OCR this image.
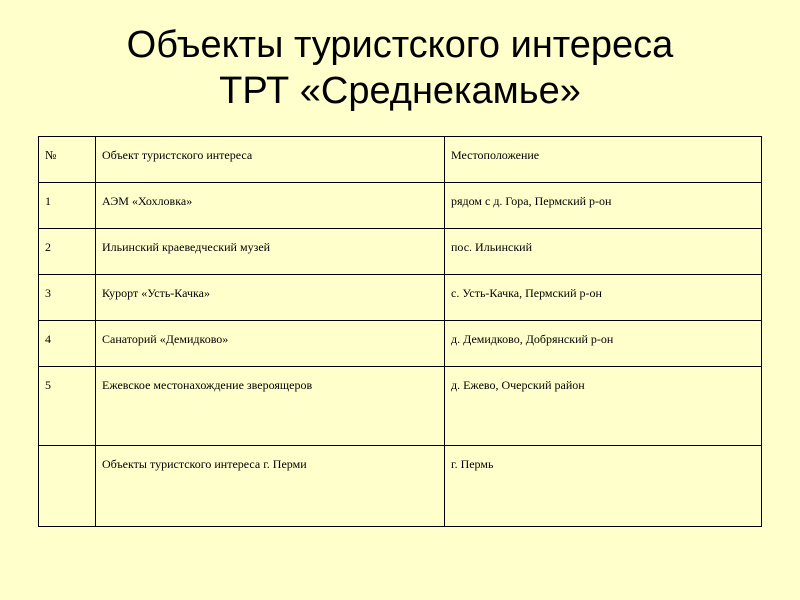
Объекты туристского интереса
ТРТ «Среднекамье»
№	Объект туристского интереса	Местоположение
1	АЭМ «Хохловка»	рядом с д. Гора, Пермский р-он
2	Ильинский краеведческий музей	пос. Ильинский
3	Курорт «Усть-Качка»	с. Усть-Качка, Пермский р-он
4	Санаторий «Демидково»	д. Демидково, Добрянский р-он
5	Ежевское местонахождение звероящеров	д. Ежево, Очерский район
	Объекты туристского интереса г. Перми	г. Пермь
